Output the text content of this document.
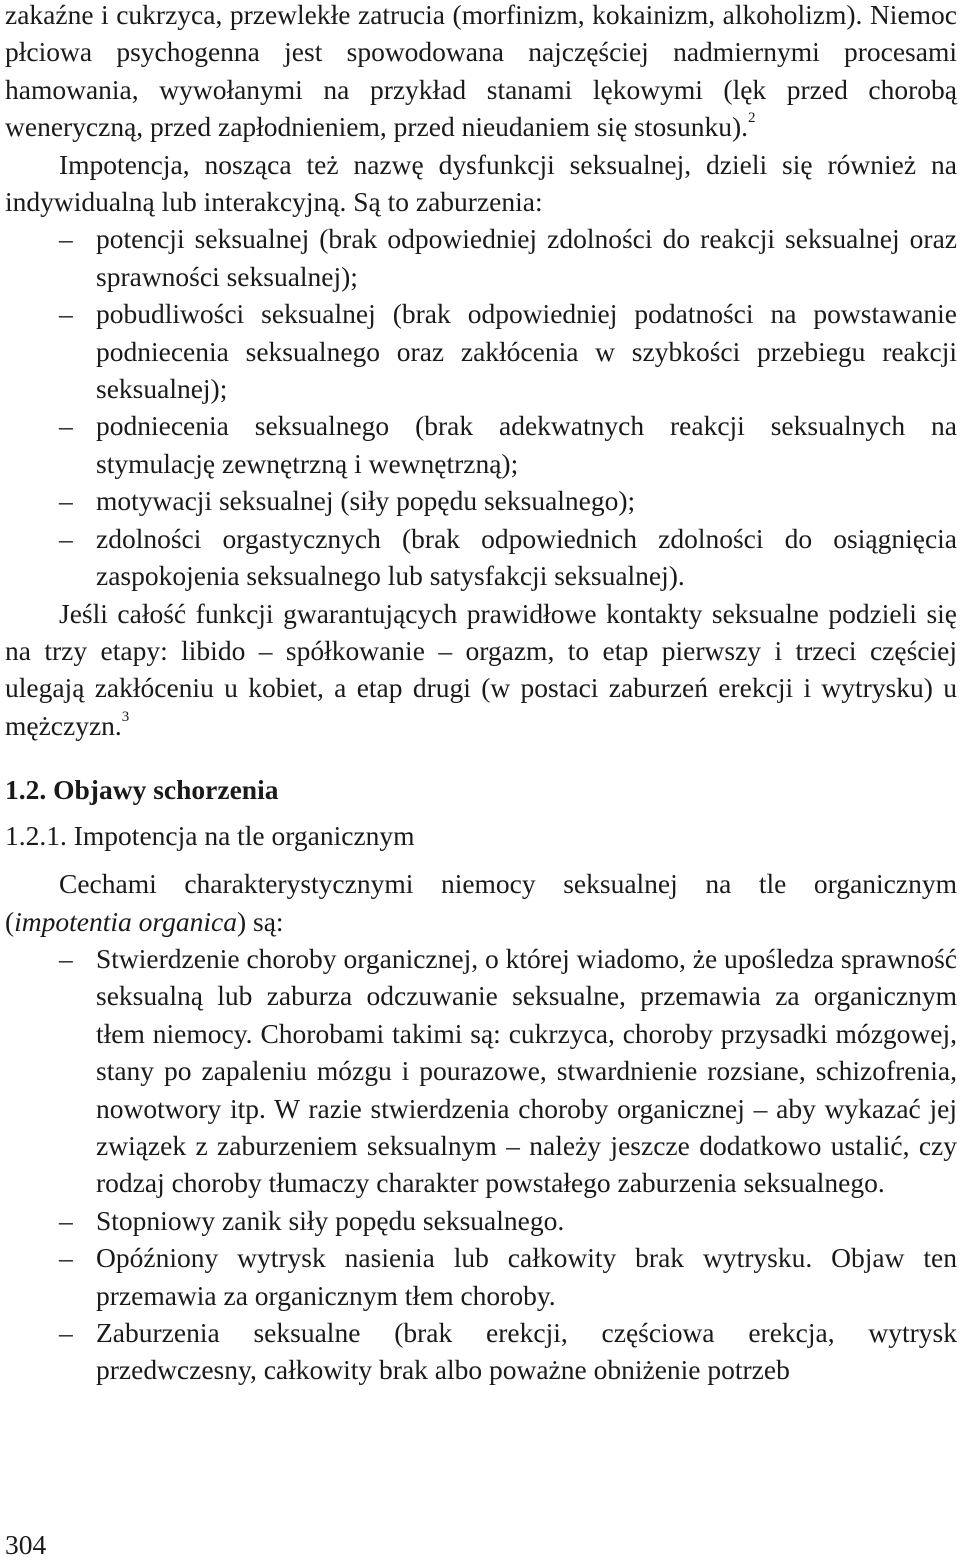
zakaźne i cukrzyca, przewlekłe zatrucia (morfinizm, kokainizm, alkoholizm). Niemoc płciowa psychogenna jest spowodowana najczęściej nadmiernymi procesami hamowania, wywołanymi na przykład stanami lękowymi (lęk przed chorobą weneryczną, przed zapłodnieniem, przed nieudaniem się stosunku).$^2$

Impotencja, nosząca też nazwę dysfunkcji seksualnej, dzieli się również na indywidualną lub interakcyjną. Są to zaburzenia:

– potencji seksualnej (brak odpowiedniej zdolności do reakcji seksualnej oraz sprawności seksualnej);
– pobudliwości seksualnej (brak odpowiedniej podatności na powstawanie podniecenia seksualnego oraz zakłócenia w szybkości przebiegu reakcji seksualnej);
– podniecenia seksualnego (brak adekwatnych reakcji seksualnych na stymulację zewnętrzną i wewnętrzną);
– motywacji seksualnej (siły popędu seksualnego);
– zdolności orgastycznych (brak odpowiednich zdolności do osiągnięcia zaspokojenia seksualnego lub satysfakcji seksualnej).

Jeśli całość funkcji gwarantujących prawidłowe kontakty seksualne podzieli się na trzy etapy: libido – spółkowanie – orgazm, to etap pierwszy i trzeci częściej ulegają zakłóceniu u kobiet, a etap drugi (w postaci zaburzeń erekcji i wytrysku) u mężczyzn.$^3$

1.2. Objawy schorzenia
1.2.1. Impotencja na tle organicznym

Cechami charakterystycznymi niemocy seksualnej na tle organicznym (impotentia organica) są:

– Stwierdzenie choroby organicznej, o której wiadomo, że upośledza sprawność seksualną lub zaburza odczuwanie seksualne, przemawia za organicznym tłem niemocy. Chorobami takimi są: cukrzyca, choroby przysadki mózgowej, stany po zapaleniu mózgu i pourazowe, stwardnienie rozsiane, schizofrenia, nowotwory itp. W razie stwierdzenia choroby organicznej – aby wykazać jej związek z zaburzeniem seksualnym – należy jeszcze dodatkowo ustalić, czy rodzaj choroby tłumaczy charakter powstałego zaburzenia seksualnego.
– Stopniowy zanik siły popędu seksualnego.
– Opóźniony wytrysk nasienia lub całkowity brak wytrysku. Objaw ten przemawia za organicznym tłem choroby.
– Zaburzenia seksualne (brak erekcji, częściowa erekcja, wytrysk przedwczesny, całkowity brak albo poważne obniżenie potrzeb
304
